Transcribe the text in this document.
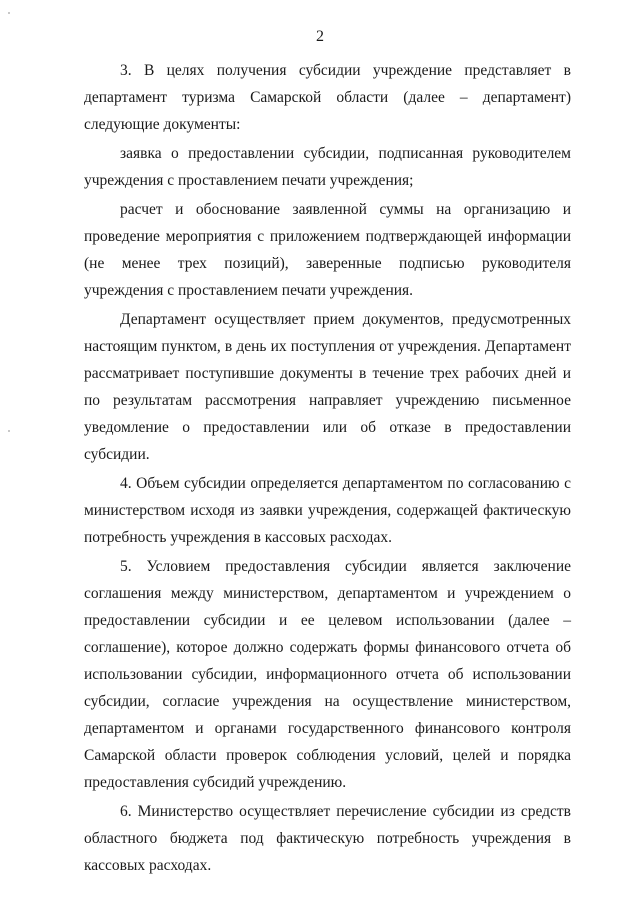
2

3. В целях получения субсидии учреждение представляет в департамент туризма Самарской области (далее – департамент) следующие документы:

заявка о предоставлении субсидии, подписанная руководителем учреждения с проставлением печати учреждения;

расчет и обоснование заявленной суммы на организацию и проведение мероприятия с приложением подтверждающей информации (не менее трех позиций), заверенные подписью руководителя учреждения с проставлением печати учреждения.

Департамент осуществляет прием документов, предусмотренных настоящим пунктом, в день их поступления от учреждения. Департамент рассматривает поступившие документы в течение трех рабочих дней и по результатам рассмотрения направляет учреждению письменное уведомление о предоставлении или об отказе в предоставлении субсидии.

4. Объем субсидии определяется департаментом по согласованию с министерством исходя из заявки учреждения, содержащей фактическую потребность учреждения в кассовых расходах.

5. Условием предоставления субсидии является заключение соглашения между министерством, департаментом и учреждением о предоставлении субсидии и ее целевом использовании (далее – соглашение), которое должно содержать формы финансового отчета об использовании субсидии, информационного отчета об использовании субсидии, согласие учреждения на осуществление министерством, департаментом и органами государственного финансового контроля Самарской области проверок соблюдения условий, целей и порядка предоставления субсидий учреждению.

6. Министерство осуществляет перечисление субсидии из средств областного бюджета под фактическую потребность учреждения в кассовых расходах.
